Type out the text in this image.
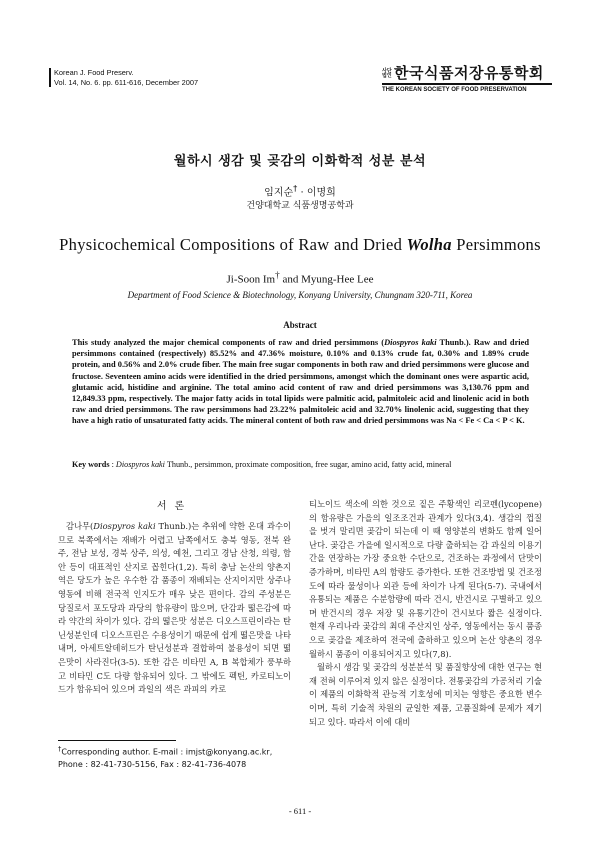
Korean J. Food Preserv.
Vol. 14, No. 6. pp. 611-616, December 2007
사단
법인 한국식품저장유통학회
THE KOREAN SOCIETY OF FOOD PRESERVATION
월하시 생감 및 곶감의 이화학적 성분 분석
임지순† · 이명희
건양대학교 식품생명공학과
Physicochemical Compositions of Raw and Dried Wolha Persimmons
Ji-Soon Im† and Myung-Hee Lee
Department of Food Science & Biotechnology, Konyang University, Chungnam 320-711, Korea
Abstract
This study analyzed the major chemical components of raw and dried persimmons (Diospyros kaki Thunb.). Raw and dried persimmons contained (respectively) 85.52% and 47.36% moisture, 0.10% and 0.13% crude fat, 0.30% and 1.89% crude protein, and 0.56% and 2.0% crude fiber. The main free sugar components in both raw and dried persimmons were glucose and fructose. Seventeen amino acids were identified in the dried persimmons, amongst which the dominant ones were aspartic acid, glutamic acid, histidine and arginine. The total amino acid content of raw and dried persimmons was 3,130.76 ppm and 12,849.33 ppm, respectively. The major fatty acids in total lipids were palmitic acid, palmitoleic acid and linolenic acid in both raw and dried persimmons. The raw persimmons had 23.22% palmitoleic acid and 32.70% linolenic acid, suggesting that they have a high ratio of unsaturated fatty acids. The mineral content of both raw and dried persimmons was Na < Fe < Ca < P < K.
Key words : Diospyros kaki Thunb., persimmon, proximate composition, free sugar, amino acid, fatty acid, mineral
서론
감나무(Diospyros kaki Thunb.)는 추위에 약한 온대 과수이므로 북쪽에서는 재배가 어렵고 남쪽에서도 충북 영동, 전북 완주, 전남 보성, 경북 상주, 의성, 예천, 그리고 경남 산청, 의령, 함안 등이 대표적인 산지로 꼽힌다(1,2). 특히 충남 논산의 양촌지역은 당도가 높은 우수한 감 품종이 재배되는 산지이지만 상주나 영동에 비해 전국적 인지도가 매우 낮은 편이다. 감의 주성분은 당질로서 포도당과 과당의 함유량이 많으며, 단감과 떫은감에 따라 약간의 차이가 있다. 감의 떫은맛 성분은 디오스프린이라는 탄닌성분인데 디오스프린은 수용성이기 때문에 쉽게 떫은맛을 나타내며, 아세트알데히드가 탄닌성분과 결합하여 불용성이 되면 떫은맛이 사라진다(3-5). 또한 감은 비타민 A, B 복합체가 풍부하고 비타민 C도 다량 함유되어 있다. 그 밖에도 펙틴, 카로티노이드가 함유되어 있으며 과일의 색은 과피의 카로

티노이드 색소에 의한 것으로 짙은 주황색인 리코펜(lycopene)의 함유량은 가을의 일조조건과 관계가 있다(3,4). 생감의 껍질을 벗겨 말리면 곶감이 되는데 이 때 영양분의 변화도 함께 일어난다. 곶감은 가을에 일시적으로 다량 출하되는 감 과실의 이용기간을 연장하는 가장 중요한 수단으로, 건조하는 과정에서 단맛이 증가하며, 비타민 A의 함량도 증가한다. 또한 건조방법 및 건조정도에 따라 물성이나 외관 등에 차이가 나게 된다(5-7). 국내에서 유통되는 제품은 수분함량에 따라 건시, 반건시로 구별하고 있으며 반건시의 경우 저장 및 유통기간이 건시보다 짧은 실정이다. 현재 우리나라 곶감의 최대 주산지인 상주, 영동에서는 동시 품종으로 곶감을 제조하여 전국에 출하하고 있으며 논산 양촌의 경우 월하시 품종이 이용되어지고 있다(7,8).

월하시 생감 및 곶감의 성분분석 및 품질향상에 대한 연구는 현재 전혀 이루어져 있지 않은 실정이다. 전통곶감의 가공처리 기술이 제품의 이화학적 관능적 기호성에 미치는 영향은 중요한 변수이며, 특히 기술적 차원의 균일한 제품, 고품질화에 문제가 제기되고 있다. 따라서 이에 대비

†Corresponding author. E-mail : imjst@konyang.ac.kr,
Phone : 82-41-730-5156, Fax : 82-41-736-4078
- 611 -
